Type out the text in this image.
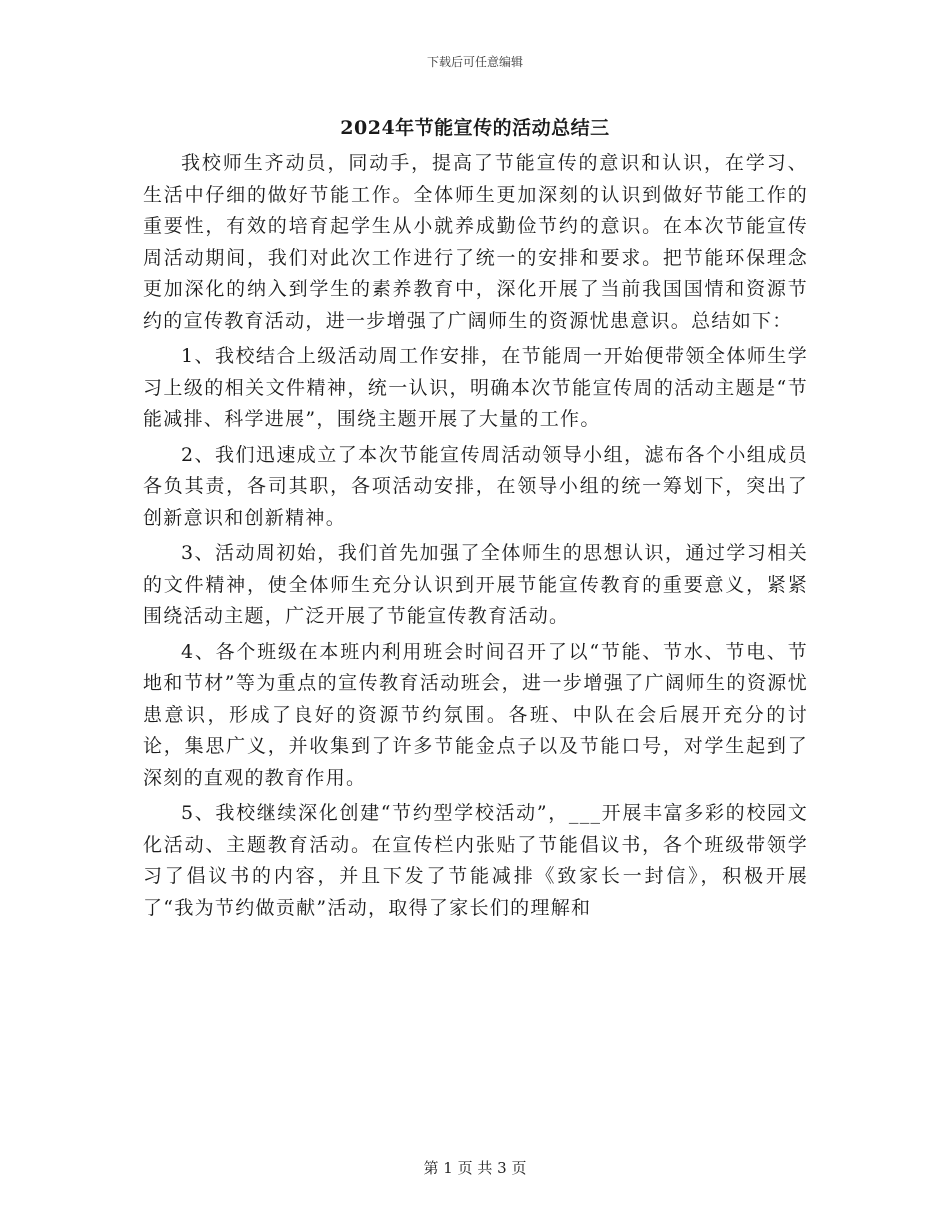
下载后可任意编辑
2024年节能宣传的活动总结三

我校师生齐动员，同动手，提高了节能宣传的意识和认识，在学习、生活中仔细的做好节能工作。全体师生更加深刻的认识到做好节能工作的重要性，有效的培育起学生从小就养成勤俭节约的意识。在本次节能宣传周活动期间，我们对此次工作进行了统一的安排和要求。把节能环保理念更加深化的纳入到学生的素养教育中，深化开展了当前我国国情和资源节约的宣传教育活动，进一步增强了广阔师生的资源忧患意识。总结如下：

1、我校结合上级活动周工作安排，在节能周一开始便带领全体师生学习上级的相关文件精神，统一认识，明确本次节能宣传周的活动主题是“节能减排、科学进展”，围绕主题开展了大量的工作。

2、我们迅速成立了本次节能宣传周活动领导小组，滤布各个小组成员各负其责，各司其职，各项活动安排，在领导小组的统一筹划下，突出了创新意识和创新精神。

3、活动周初始，我们首先加强了全体师生的思想认识，通过学习相关的文件精神，使全体师生充分认识到开展节能宣传教育的重要意义，紧紧围绕活动主题，广泛开展了节能宣传教育活动。

4、各个班级在本班内利用班会时间召开了以“节能、节水、节电、节地和节材”等为重点的宣传教育活动班会，进一步增强了广阔师生的资源忧患意识，形成了良好的资源节约氛围。各班、中队在会后展开充分的讨论，集思广义，并收集到了许多节能金点子以及节能口号，对学生起到了深刻的直观的教育作用。

5、我校继续深化创建“节约型学校活动”，___开展丰富多彩的校园文化活动、主题教育活动。在宣传栏内张贴了节能倡议书，各个班级带领学习了倡议书的内容，并且下发了节能减排《致家长一封信》，积极开展了“我为节约做贡献”活动，取得了家长们的理解和

第 1 页 共 3 页
